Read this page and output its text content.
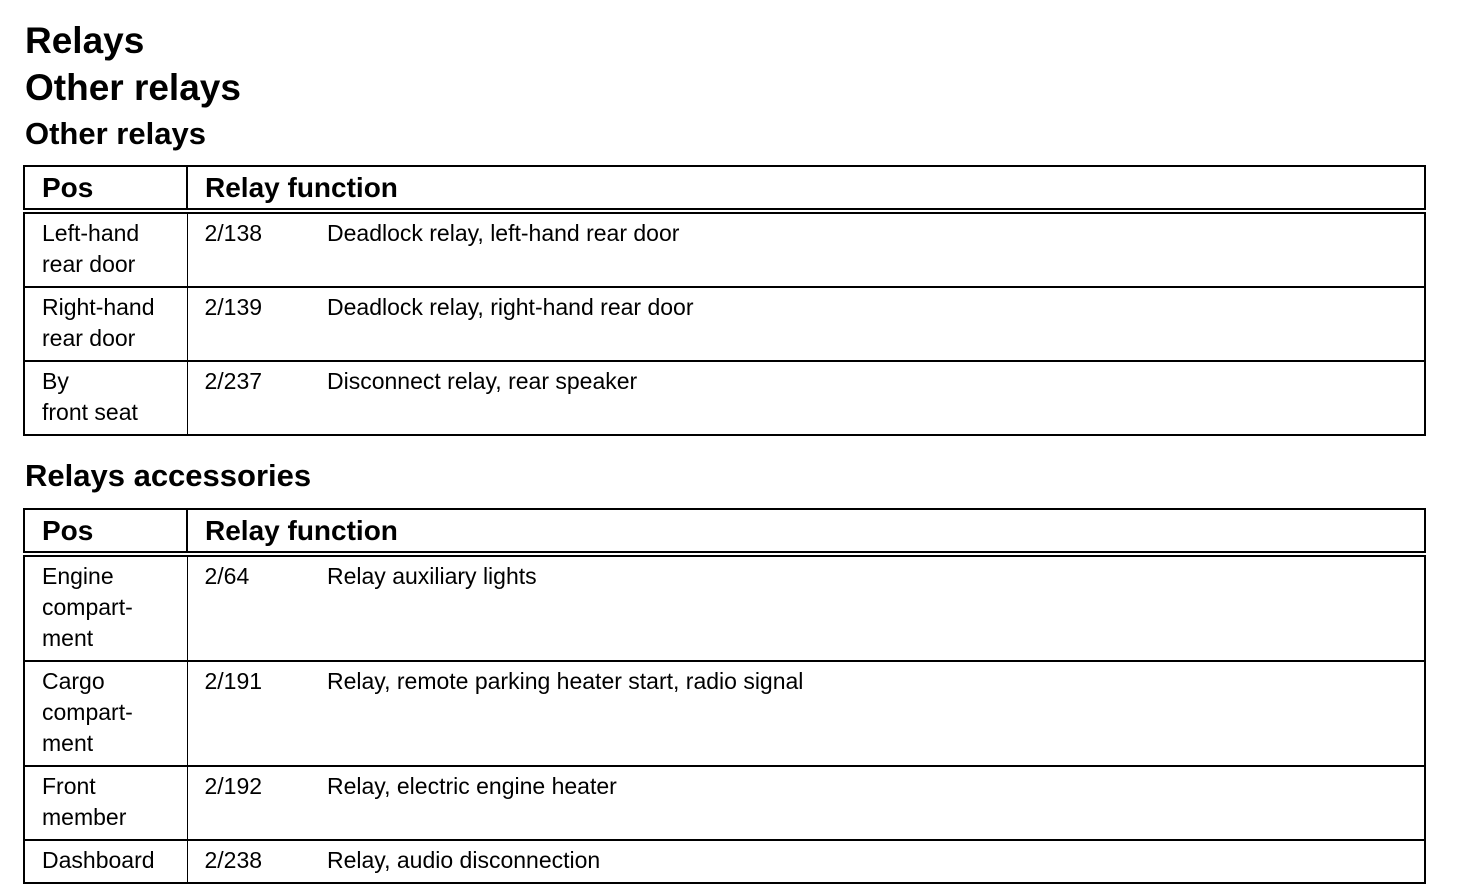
Relays
Other relays
Other relays
Pos	Relay function	

Left-hand
rear door	2/138	Deadlock relay, left-hand rear door

Right-hand
rear door	2/139	Deadlock relay, right-hand rear door

By
front seat	2/237	Disconnect relay, rear speaker
Relays accessories
Pos	Relay function	

Engine
compart-
ment	2/64	Relay auxiliary lights

Cargo
compart-
ment	2/191	Relay, remote parking heater start, radio signal

Front
member	2/192	Relay, electric engine heater

Dashboard	2/238	Relay, audio disconnection
